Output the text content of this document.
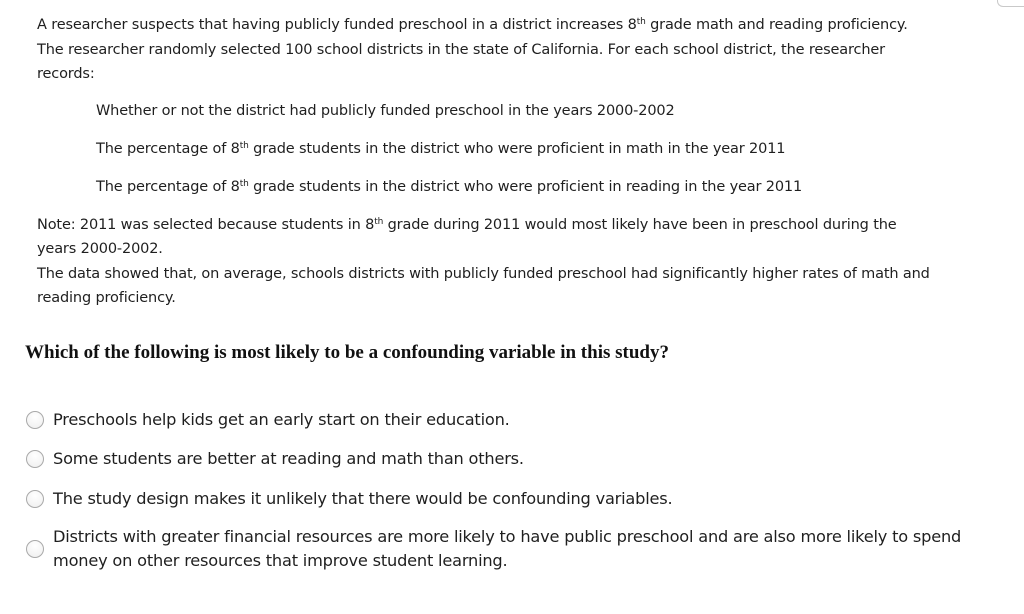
A researcher suspects that having publicly funded preschool in a district increases 8th grade math and reading proficiency. The researcher randomly selected 100 school districts in the state of California. For each school district, the researcher records:

Whether or not the district had publicly funded preschool in the years 2000-2002
The percentage of 8th grade students in the district who were proficient in math in the year 2011
The percentage of 8th grade students in the district who were proficient in reading in the year 2011

Note: 2011 was selected because students in 8th grade during 2011 would most likely have been in preschool during the years 2000-2002.

The data showed that, on average, schools districts with publicly funded preschool had significantly higher rates of math and reading proficiency.

Which of the following is most likely to be a confounding variable in this study?
Preschools help kids get an early start on their education.
Some students are better at reading and math than others.
The study design makes it unlikely that there would be confounding variables.
Districts with greater financial resources are more likely to have public preschool and are also more likely to spend money on other resources that improve student learning.
